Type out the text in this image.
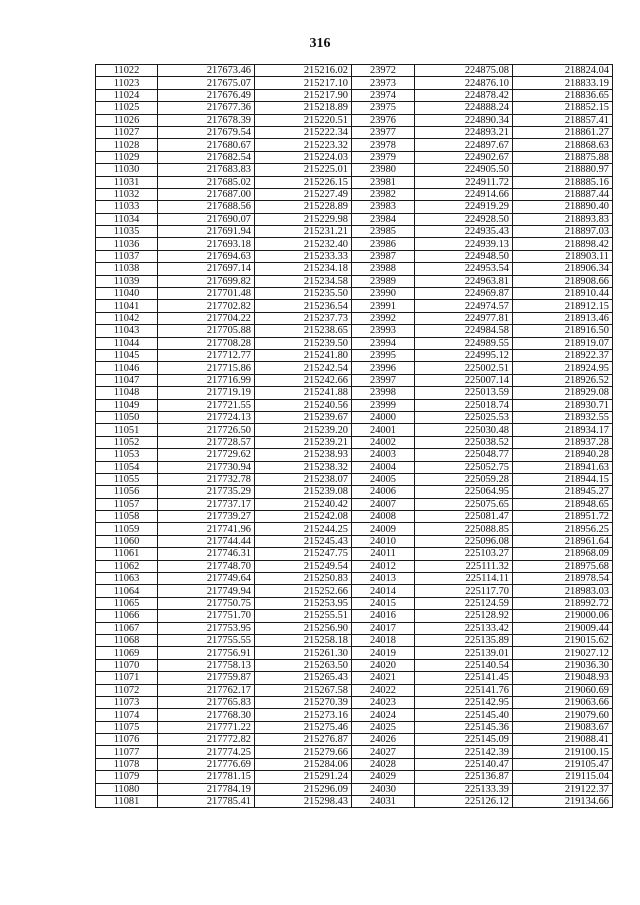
316
11022	217673.46	215216.02	23972	224875.08	218824.04
11023	217675.07	215217.10	23973	224876.10	218833.19
11024	217676.49	215217.90	23974	224878.42	218836.65
11025	217677.36	215218.89	23975	224888.24	218852.15
11026	217678.39	215220.51	23976	224890.34	218857.41
11027	217679.54	215222.34	23977	224893.21	218861.27
11028	217680.67	215223.32	23978	224897.67	218868.63
11029	217682.54	215224.03	23979	224902.67	218875.88
11030	217683.83	215225.01	23980	224905.50	218880.97
11031	217685.02	215226.15	23981	224911.72	218885.16
11032	217687.00	215227.49	23982	224914.66	218887.44
11033	217688.56	215228.89	23983	224919.29	218890.40
11034	217690.07	215229.98	23984	224928.50	218893.83
11035	217691.94	215231.21	23985	224935.43	218897.03
11036	217693.18	215232.40	23986	224939.13	218898.42
11037	217694.63	215233.33	23987	224948.50	218903.11
11038	217697.14	215234.18	23988	224953.54	218906.34
11039	217699.82	215234.58	23989	224963.81	218908.66
11040	217701.48	215235.50	23990	224969.87	218910.44
11041	217702.82	215236.54	23991	224974.57	218912.15
11042	217704.22	215237.73	23992	224977.81	218913.46
11043	217705.88	215238.65	23993	224984.58	218916.50
11044	217708.28	215239.50	23994	224989.55	218919.07
11045	217712.77	215241.80	23995	224995.12	218922.37
11046	217715.86	215242.54	23996	225002.51	218924.95
11047	217716.99	215242.66	23997	225007.14	218926.52
11048	217719.19	215241.88	23998	225013.59	218929.08
11049	217721.55	215240.56	23999	225018.74	218930.71
11050	217724.13	215239.67	24000	225025.53	218932.55
11051	217726.50	215239.20	24001	225030.48	218934.17
11052	217728.57	215239.21	24002	225038.52	218937.28
11053	217729.62	215238.93	24003	225048.77	218940.28
11054	217730.94	215238.32	24004	225052.75	218941.63
11055	217732.78	215238.07	24005	225059.28	218944.15
11056	217735.29	215239.08	24006	225064.95	218945.27
11057	217737.17	215240.42	24007	225075.65	218948.65
11058	217739.27	215242.08	24008	225081.47	218951.72
11059	217741.96	215244.25	24009	225088.85	218956.25
11060	217744.44	215245.43	24010	225096.08	218961.64
11061	217746.31	215247.75	24011	225103.27	218968.09
11062	217748.70	215249.54	24012	225111.32	218975.68
11063	217749.64	215250.83	24013	225114.11	218978.54
11064	217749.94	215252.66	24014	225117.70	218983.03
11065	217750.75	215253.95	24015	225124.59	218992.72
11066	217751.70	215255.51	24016	225128.92	219000.06
11067	217753.95	215256.90	24017	225133.42	219009.44
11068	217755.55	215258.18	24018	225135.89	219015.62
11069	217756.91	215261.30	24019	225139.01	219027.12
11070	217758.13	215263.50	24020	225140.54	219036.30
11071	217759.87	215265.43	24021	225141.45	219048.93
11072	217762.17	215267.58	24022	225141.76	219060.69
11073	217765.83	215270.39	24023	225142.95	219063.66
11074	217768.30	215273.16	24024	225145.40	219079.60
11075	217771.22	215275.46	24025	225145.36	219083.67
11076	217772.82	215276.87	24026	225145.09	219088.41
11077	217774.25	215279.66	24027	225142.39	219100.15
11078	217776.69	215284.06	24028	225140.47	219105.47
11079	217781.15	215291.24	24029	225136.87	219115.04
11080	217784.19	215296.09	24030	225133.39	219122.37
11081	217785.41	215298.43	24031	225126.12	219134.66
